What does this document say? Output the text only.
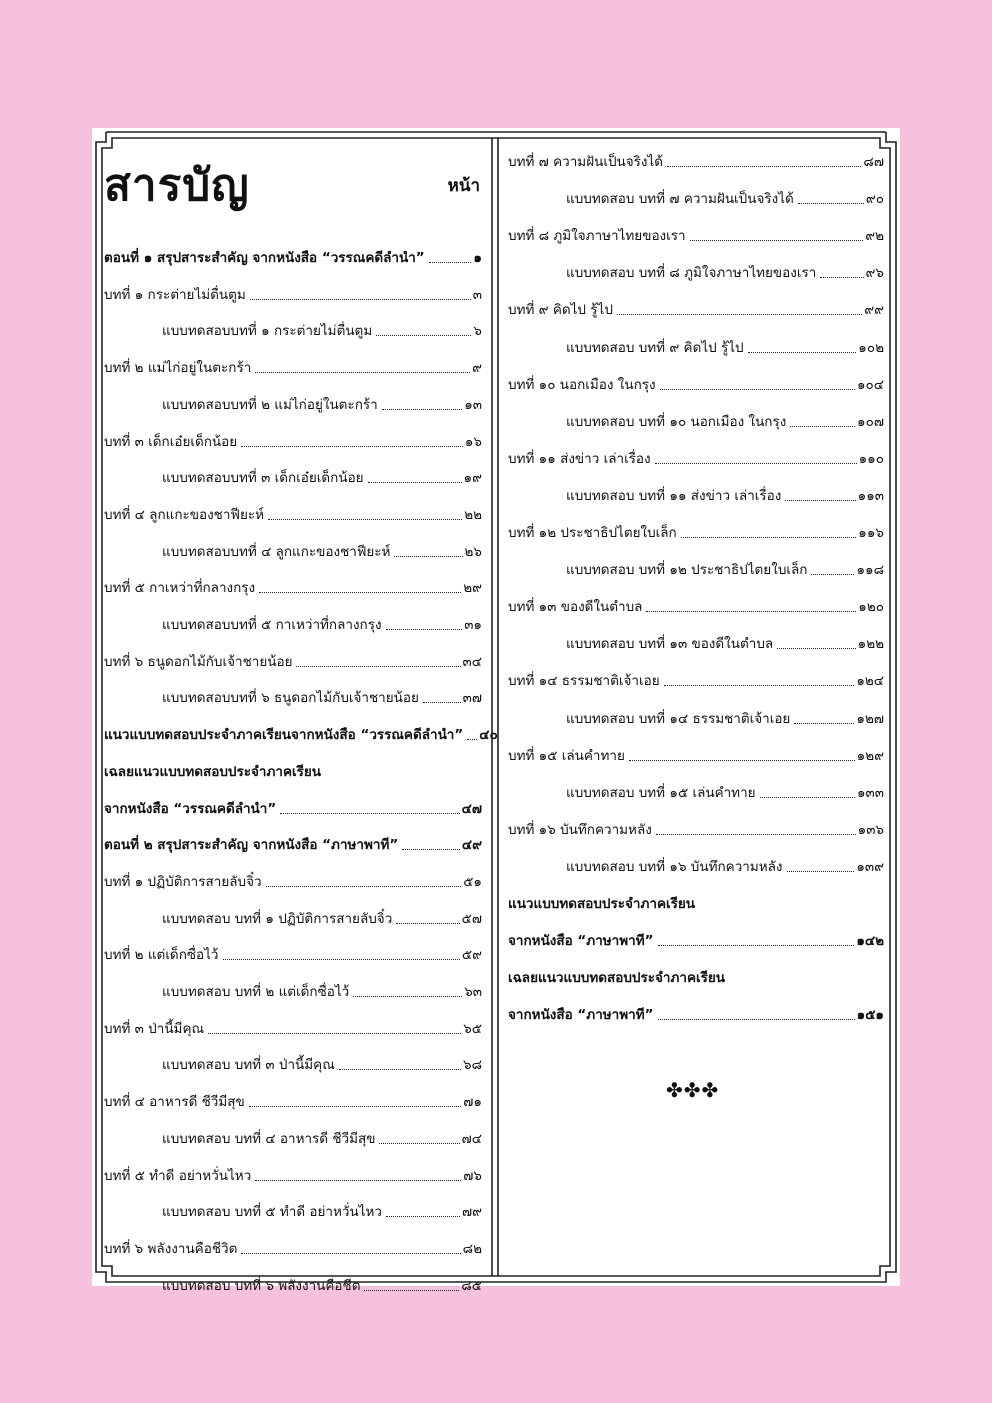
สารบัญ	หน้า
ตอนที่ ๑ สรุปสาระสำคัญ จากหนังสือ “วรรณคดีลำนำ”	๑
บทที่ ๑ กระต่ายไม่ตื่นตูม	๓
แบบทดสอบบทที่ ๑ กระต่ายไม่ตื่นตูม	๖
บทที่ ๒ แม่ไก่อยู่ในตะกร้า	๙
แบบทดสอบบทที่ ๒ แม่ไก่อยู่ในตะกร้า	๑๓
บทที่ ๓ เด็กเอ๋ยเด็กน้อย	๑๖
แบบทดสอบบทที่ ๓ เด็กเอ๋ยเด็กน้อย	๑๙
บทที่ ๔ ลูกแกะของชาฟียะห์	๒๒
แบบทดสอบบทที่ ๔ ลูกแกะของชาฟียะห์	๒๖
บทที่ ๕ กาเหว่าที่กลางกรุง	๒๙
แบบทดสอบบทที่ ๕ กาเหว่าที่กลางกรุง	๓๑
บทที่ ๖ ธนูดอกไม้กับเจ้าชายน้อย	๓๔
แบบทดสอบบทที่ ๖ ธนูดอกไม้กับเจ้าชายน้อย	๓๗
แนวแบบทดสอบประจำภาคเรียนจากหนังสือ “วรรณคดีลำนำ” ๔๐
เฉลยแนวแบบทดสอบประจำภาคเรียน
จากหนังสือ “วรรณคดีลำนำ”	๔๗
ตอนที่ ๒ สรุปสาระสำคัญ จากหนังสือ “ภาษาพาที”	๔๙
บทที่ ๑ ปฏิบัติการสายลับจิ๋ว	๕๑
แบบทดสอบ บทที่ ๑ ปฏิบัติการสายลับจิ๋ว	๕๗
บทที่ ๒ แต่เด็กซื่อไว้	๕๙
แบบทดสอบ บทที่ ๒ แต่เด็กซื่อไว้	๖๓
บทที่ ๓ ป่านี้มีคุณ	๖๕
แบบทดสอบ บทที่ ๓ ป่านี้มีคุณ	๖๘
บทที่ ๔ อาหารดี ชีวีมีสุข	๗๑
แบบทดสอบ บทที่ ๔ อาหารดี ชีวีมีสุข	๗๔
บทที่ ๕ ทำดี อย่าหวั่นไหว	๗๖
แบบทดสอบ บทที่ ๕ ทำดี อย่าหวั่นไหว	๗๙
บทที่ ๖ พลังงานคือชีวิต	๘๒
แบบทดสอบ บทที่ ๖ พลังงานคือชีต	๘๕
บทที่ ๗ ความฝันเป็นจริงได้	๘๗
แบบทดสอบ บทที่ ๗ ความฝันเป็นจริงได้	๙๐
บทที่ ๘ ภูมิใจภาษาไทยของเรา	๙๒
แบบทดสอบ บทที่ ๘ ภูมิใจภาษาไทยของเรา	๙๖
บทที่ ๙ คิดไป รู้ไป	๙๙
แบบทดสอบ บทที่ ๙ คิดไป รู้ไป	๑๐๒
บทที่ ๑๐ นอกเมือง ในกรุง	๑๐๔
แบบทดสอบ บทที่ ๑๐ นอกเมือง ในกรุง	๑๐๗
บทที่ ๑๑ ส่งข่าว เล่าเรื่อง	๑๑๐
แบบทดสอบ บทที่ ๑๑ ส่งข่าว เล่าเรื่อง	๑๑๓
บทที่ ๑๒ ประชาธิปไตยใบเล็ก	๑๑๖
แบบทดสอบ บทที่ ๑๒ ประชาธิปไตยใบเล็ก	๑๑๘
บทที่ ๑๓ ของดีในตำบล	๑๒๐
แบบทดสอบ บทที่ ๑๓ ของดีในตำบล	๑๒๒
บทที่ ๑๔ ธรรมชาติเจ้าเอย	๑๒๔
แบบทดสอบ บทที่ ๑๔ ธรรมชาติเจ้าเอย	๑๒๗
บทที่ ๑๕ เล่นคำทาย	๑๒๙
แบบทดสอบ บทที่ ๑๕ เล่นคำทาย	๑๓๓
บทที่ ๑๖ บันทึกความหลัง	๑๓๖
แบบทดสอบ บทที่ ๑๖ บันทึกความหลัง	๑๓๙
แนวแบบทดสอบประจำภาคเรียน
จากหนังสือ “ภาษาพาที”	๑๔๒
เฉลยแนวแบบทดสอบประจำภาคเรียน
จากหนังสือ “ภาษาพาที”	๑๕๑
✤✤✤
